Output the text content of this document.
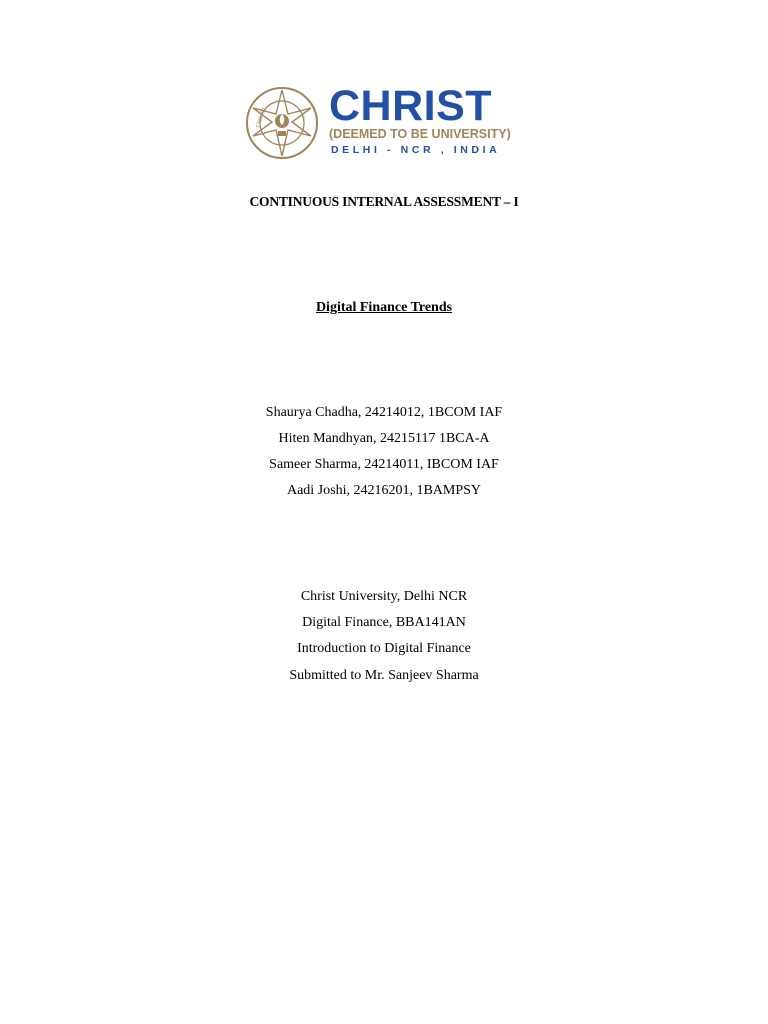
CHRIST	·:· CHRIST
(DEEMED TO BE UNIVERSITY)
DELHI - NCR , INDIA
CONTINUOUS INTERNAL ASSESSMENT – I
Digital Finance Trends
Shaurya Chadha, 24214012, 1BCOM IAF
Hiten Mandhyan, 24215117 1BCA-A
Sameer Sharma, 24214011, IBCOM IAF
Aadi Joshi, 24216201, 1BAMPSY
Christ University, Delhi NCR
Digital Finance, BBA141AN
Introduction to Digital Finance
Submitted to Mr. Sanjeev Sharma
